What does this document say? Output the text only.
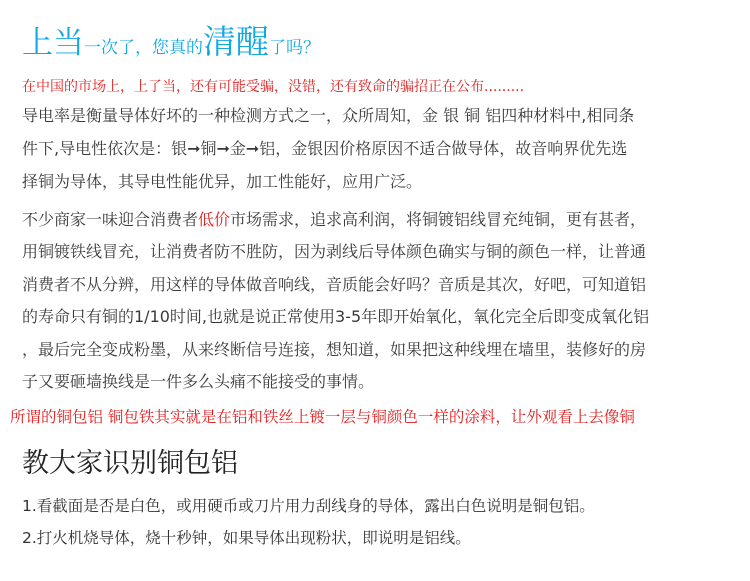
上当一次了，您真的清醒了吗？
在中国的市场上，上了当，还有可能受骗，没错，还有致命的骗招正在公布.........
导电率是衡量导体好坏的一种检测方式之一，众所周知，金 银 铜 铝四种材料中,相同条
件下,导电性依次是：银➞铜➞金➞铝，金银因价格原因不适合做导体，故音响界优先选
择铜为导体，其导电性能优异，加工性能好，应用广泛。
不少商家一味迎合消费者低价市场需求，追求高利润，将铜镀铝线冒充纯铜，更有甚者，
用铜镀铁线冒充，让消费者防不胜防，因为剥线后导体颜色确实与铜的颜色一样，让普通
消费者不从分辨，用这样的导体做音响线，音质能会好吗？音质是其次，好吧，可知道铝
的寿命只有铜的1/10时间,也就是说正常使用3-5年即开始氧化，氧化完全后即变成氧化铝
，最后完全变成粉墨，从来终断信号连接，想知道，如果把这种线埋在墙里，装修好的房
子又要砸墙换线是一件多么头痛不能接受的事情。
所谓的铜包铝 铜包铁其实就是在铝和铁丝上镀一层与铜颜色一样的涂料，让外观看上去像铜
教大家识别铜包铝
1.看截面是否是白色，或用硬币或刀片用力刮线身的导体，露出白色说明是铜包铝。
2.打火机烧导体，烧十秒钟，如果导体出现粉状，即说明是铝线。
